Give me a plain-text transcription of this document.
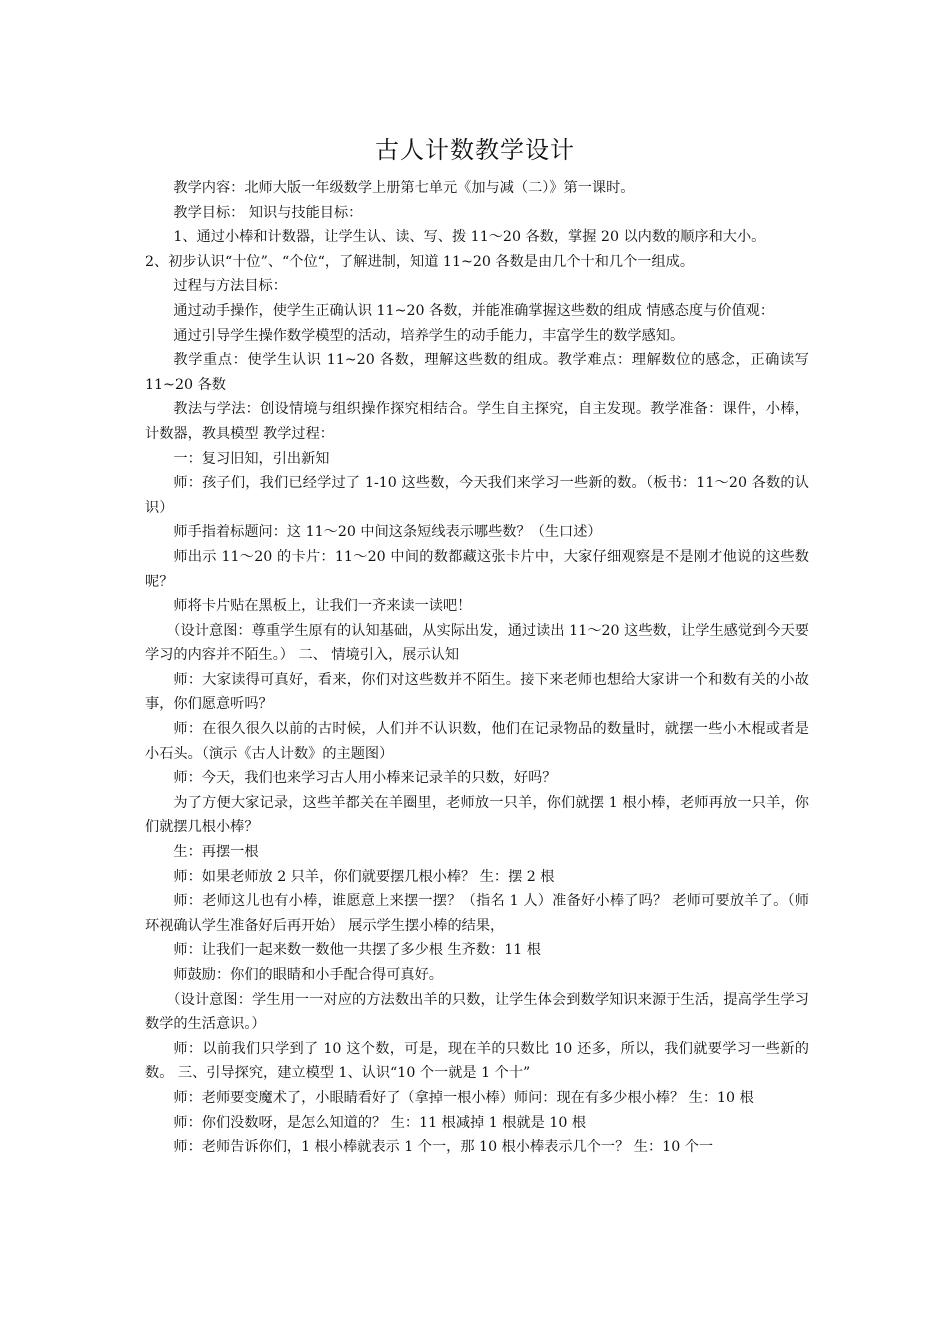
古人计数教学设计

教学内容：北师大版一年级数学上册第七单元《加与减（二）》第一课时。

教学目标： 知识与技能目标：

1、通过小棒和计数器，让学生认、读、写、拨 11～20 各数，掌握 20 以内数的顺序和大小。

2、初步认识“十位”、“个位“，了解进制，知道 11~20 各数是由几个十和几个一组成。

过程与方法目标：

通过动手操作，使学生正确认识 11~20 各数，并能准确掌握这些数的组成 情感态度与价值观：

通过引导学生操作数学模型的活动，培养学生的动手能力，丰富学生的数学感知。

教学重点：使学生认识 11~20 各数，理解这些数的组成。教学难点：理解数位的感念，正确读写 11~20 各数

教法与学法：创设情境与组织操作探究相结合。学生自主探究，自主发现。教学准备：课件，小棒，计数器，教具模型 教学过程：

一：复习旧知，引出新知

师：孩子们，我们已经学过了 1-10 这些数，今天我们来学习一些新的数。（板书：11～20 各数的认识）

师手指着标题问：这 11～20 中间这条短线表示哪些数？（生口述）

师出示 11～20 的卡片：11～20 中间的数都藏这张卡片中，大家仔细观察是不是刚才他说的这些数呢？

师将卡片贴在黑板上，让我们一齐来读一读吧！

（设计意图：尊重学生原有的认知基础，从实际出发，通过读出 11～20 这些数，让学生感觉到今天要学习的内容并不陌生。） 二、 情境引入，展示认知

师：大家读得可真好，看来，你们对这些数并不陌生。接下来老师也想给大家讲一个和数有关的小故事，你们愿意听吗？

师：在很久很久以前的古时候，人们并不认识数，他们在记录物品的数量时，就摆一些小木棍或者是小石头。（演示《古人计数》的主题图）

师：今天，我们也来学习古人用小棒来记录羊的只数，好吗？

为了方便大家记录，这些羊都关在羊圈里，老师放一只羊，你们就摆 1 根小棒，老师再放一只羊，你们就摆几根小棒？

生：再摆一根

师：如果老师放 2 只羊，你们就要摆几根小棒？ 生：摆 2 根

师：老师这儿也有小棒，谁愿意上来摆一摆？（指名 1 人）准备好小棒了吗？ 老师可要放羊了。（师环视确认学生准备好后再开始） 展示学生摆小棒的结果，

师：让我们一起来数一数他一共摆了多少根 生齐数：11 根

师鼓励：你们的眼睛和小手配合得可真好。

（设计意图：学生用一一对应的方法数出羊的只数，让学生体会到数学知识来源于生活，提高学生学习数学的生活意识。）

师：以前我们只学到了 10 这个数，可是，现在羊的只数比 10 还多，所以，我们就要学习一些新的数。 三、引导探究，建立模型 1、认识“10 个一就是 1 个十”

师：老师要变魔术了，小眼睛看好了（拿掉一根小棒）师问：现在有多少根小棒？ 生：10 根

师：你们没数呀，是怎么知道的？ 生：11 根减掉 1 根就是 10 根

师：老师告诉你们，1 根小棒就表示 1 个一，那 10 根小棒表示几个一？ 生：10 个一
